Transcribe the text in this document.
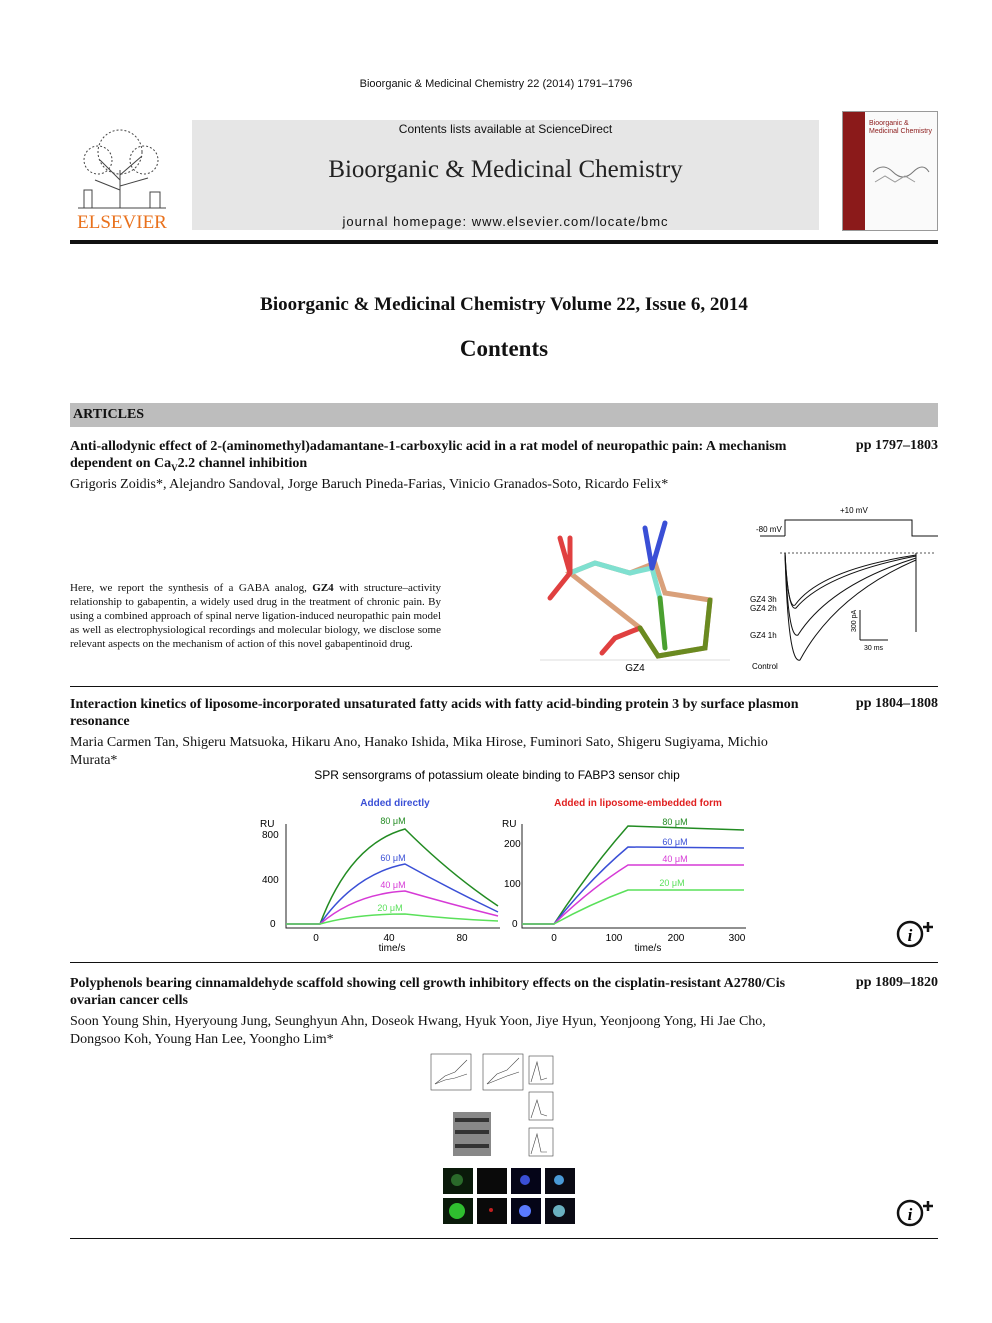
Bioorganic & Medicinal Chemistry 22 (2014) 1791–1796
ELSEVIER
Contents lists available at ScienceDirect
Bioorganic & Medicinal Chemistry
journal homepage: www.elsevier.com/locate/bmc
Bioorganic & Medicinal Chemistry
Bioorganic & Medicinal Chemistry Volume 22, Issue 6, 2014
Contents
ARTICLES
Anti-allodynic effect of 2-(aminomethyl)adamantane-1-carboxylic acid in a rat model of neuropathic pain: A mechanism dependent on $Ca_V2.2$ channel inhibition
pp 1797–1803
Grigoris Zoidis*, Alejandro Sandoval, Jorge Baruch Pineda-Farias, Vinicio Granados-Soto, Ricardo Felix*
Here, we report the synthesis of a GABA analog, GZ4 with structure–activity relationship to gabapentin, a widely used drug in the treatment of chronic pain. By using a combined approach of spinal nerve ligation-induced neuropathic pain model as well as electrophysiological recordings and molecular biology, we disclose some relevant aspects on the mechanism of action of this novel gabapentinoid drug.
GZ4
-80 mV
+10 mV
GZ4 3h
GZ4 2h
GZ4 1h
Control
300 pA
30 ms
Interaction kinetics of liposome-incorporated unsaturated fatty acids with fatty acid-binding protein 3 by surface plasmon resonance
pp 1804–1808
Maria Carmen Tan, Shigeru Matsuoka, Hikaru Ano, Hanako Ishida, Mika Hirose, Fuminori Sato, Shigeru Sugiyama, Michio Murata*
SPR sensorgrams of potassium oleate binding to FABP3 sensor chip
Added directly	Added in liposome-embedded form
RU
800
400
0
0	40	80
time/s
80 μM
60 μM
40 μM
20 μM
RU
200
100
0
0	100	200	300
time/s
80 μM
60 μM
40 μM
20 μM
i
Polyphenols bearing cinnamaldehyde scaffold showing cell growth inhibitory effects on the cisplatin-resistant A2780/Cis ovarian cancer cells
pp 1809–1820
Soon Young Shin, Hyeryoung Jung, Seunghyun Ahn, Doseok Hwang, Hyuk Yoon, Jiye Hyun, Yeonjoong Yong, Hi Jae Cho, Dongsoo Koh, Young Han Lee, Yoongho Lim*
i
